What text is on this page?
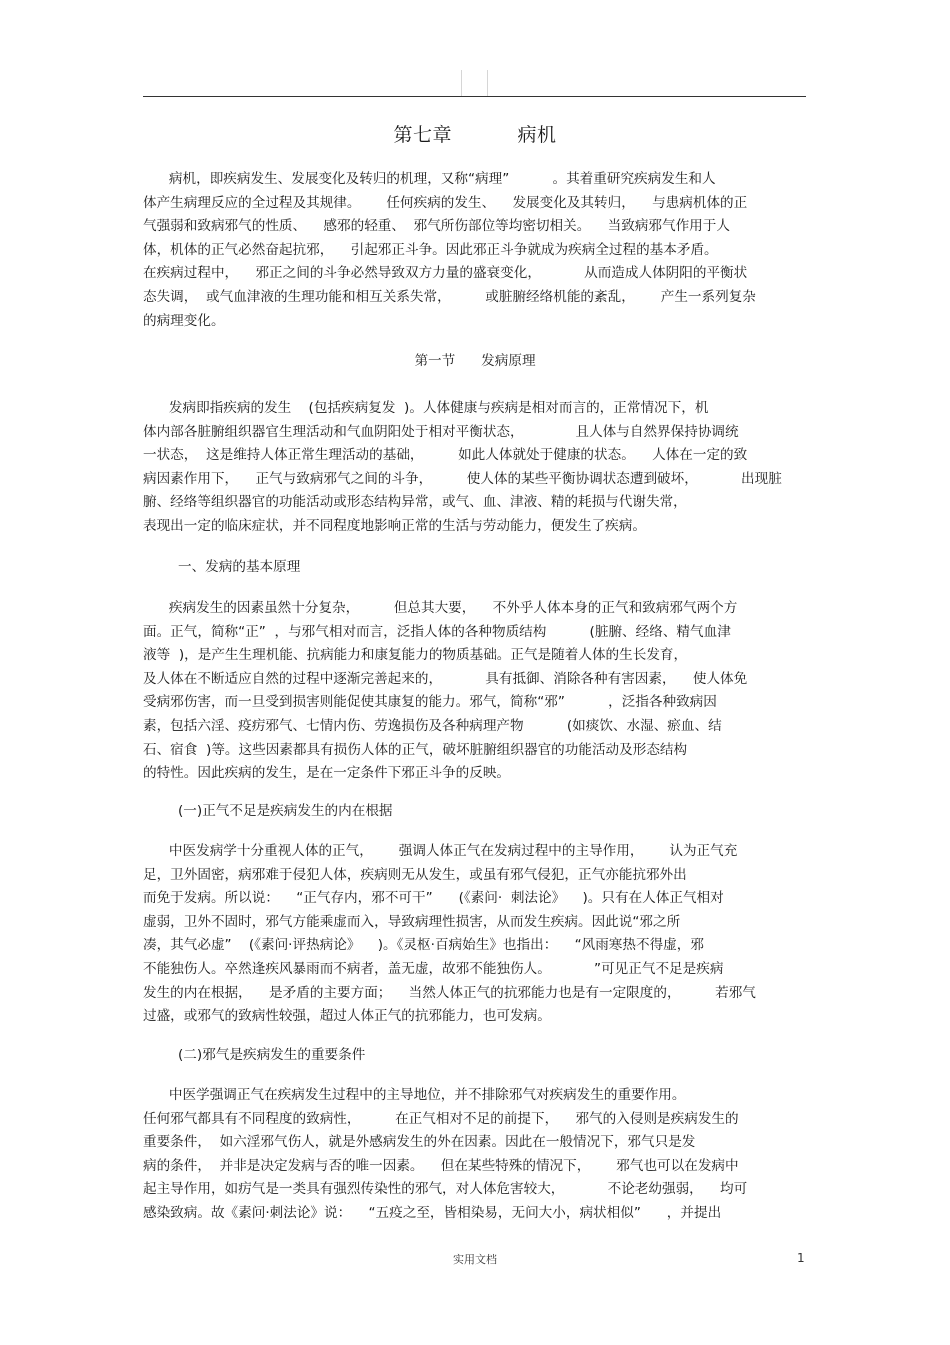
第七章          病机
病机，即疾病发生、发展变化及转归的机理，又称“病理”          。其着重研究疾病发生和人
体产生病理反应的全过程及其规律。      任何疾病的发生、    发展变化及其转归，    与患病机体的正
气强弱和致病邪气的性质、    感邪的轻重、  邪气所伤部位等均密切相关。    当致病邪气作用于人
体，机体的正气必然奋起抗邪，    引起邪正斗争。因此邪正斗争就成为疾病全过程的基本矛盾。
在疾病过程中，    邪正之间的斗争必然导致双方力量的盛衰变化，          从而造成人体阴阳的平衡状
态失调，  或气血津液的生理功能和相互关系失常，        或脏腑经络机能的紊乱，      产生一系列复杂
的病理变化。
第一节      发病原理
发病即指疾病的发生    (包括疾病复发  )。人体健康与疾病是相对而言的，正常情况下，机
体内部各脏腑组织器官生理活动和气血阴阳处于相对平衡状态，            且人体与自然界保持协调统
一状态，  这是维持人体正常生理活动的基础，        如此人体就处于健康的状态。    人体在一定的致
病因素作用下，    正气与致病邪气之间的斗争，        使人体的某些平衡协调状态遭到破坏，          出现脏
腑、经络等组织器官的功能活动或形态结构异常，或气、血、津液、精的耗损与代谢失常，
表现出一定的临床症状，并不同程度地影响正常的生活与劳动能力，便发生了疾病。
一、发病的基本原理
疾病发生的因素虽然十分复杂，        但总其大要，    不外乎人体本身的正气和致病邪气两个方
面。正气，简称“正”  ，与邪气相对而言，泛指人体的各种物质结构          (脏腑、经络、精气血津
液等  )，是产生生理机能、抗病能力和康复能力的物质基础。正气是随着人体的生长发育，
及人体在不断适应自然的过程中逐渐完善起来的，          具有抵御、消除各种有害因素，    使人体免
受病邪伤害，而一旦受到损害则能促使其康复的能力。邪气，简称“邪”          ，泛指各种致病因
素，包括六淫、疫疠邪气、七情内伤、劳逸损伤及各种病理产物          (如痰饮、水湿、瘀血、结
石、宿食  )等。这些因素都具有损伤人体的正气，破坏脏腑组织器官的功能活动及形态结构
的特性。因此疾病的发生，是在一定条件下邪正斗争的反映。
(一)正气不足是疾病发生的内在根据
中医发病学十分重视人体的正气，      强调人体正气在发病过程中的主导作用，      认为正气充
足，卫外固密，病邪难于侵犯人体，疾病则无从发生，或虽有邪气侵犯，正气亦能抗邪外出
而免于发病。所以说：    “正气存内，邪不可干”      (《素问·  刺法论》    )。只有在人体正气相对
虚弱，卫外不固时，邪气方能乘虚而入，导致病理性损害，从而发生疾病。因此说“邪之所
凑，其气必虚”    (《素问·评热病论》    )。《灵枢·百病始生》也指出：    “风雨寒热不得虚，邪
不能独伤人。卒然逢疾风暴雨而不病者，盖无虚，故邪不能独伤人。          ”可见正气不足是疾病
发生的内在根据，    是矛盾的主要方面；    当然人体正气的抗邪能力也是有一定限度的，        若邪气
过盛，或邪气的致病性较强，超过人体正气的抗邪能力，也可发病。
(二)邪气是疾病发生的重要条件
中医学强调正气在疾病发生过程中的主导地位，并不排除邪气对疾病发生的重要作用。
任何邪气都具有不同程度的致病性，        在正气相对不足的前提下，    邪气的入侵则是疾病发生的
重要条件，  如六淫邪气伤人，就是外感病发生的外在因素。因此在一般情况下，邪气只是发
病的条件，  并非是决定发病与否的唯一因素。    但在某些特殊的情况下，      邪气也可以在发病中
起主导作用，如疠气是一类具有强烈传染性的邪气，对人体危害较大，          不论老幼强弱，    均可
感染致病。故《素问·刺法论》说：    “五疫之至，皆相染易，无问大小，病状相似”      ，并提出
实用文档	1
